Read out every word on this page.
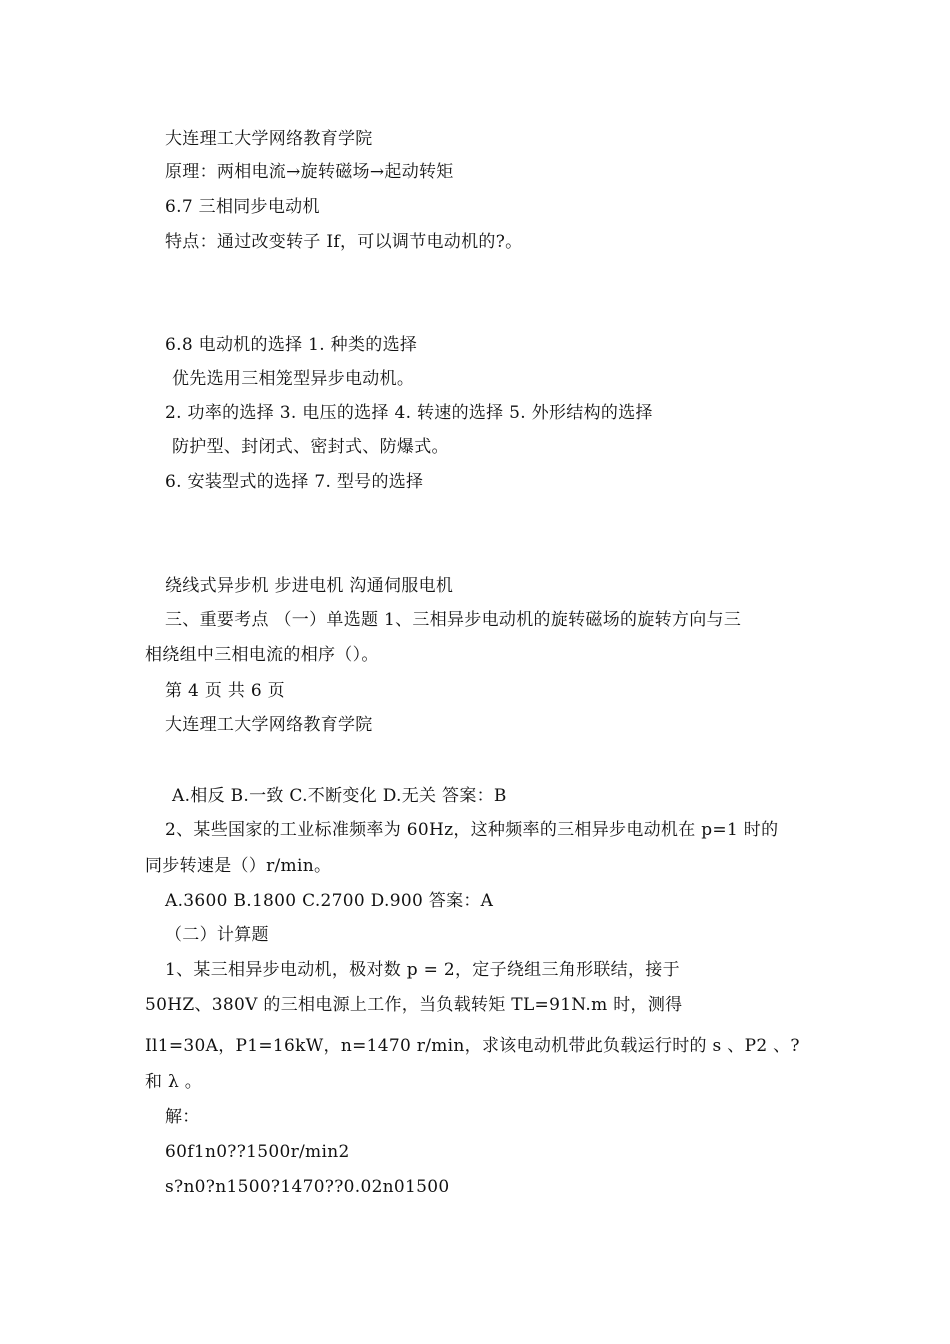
大连理工大学网络教育学院
原理：两相电流→旋转磁场→起动转矩
6.7 三相同步电动机
特点：通过改变转子 If，可以调节电动机的?。
6.8 电动机的选择 1. 种类的选择
优先选用三相笼型异步电动机。
2. 功率的选择 3. 电压的选择 4. 转速的选择 5. 外形结构的选择
防护型、封闭式、密封式、防爆式。
6. 安装型式的选择 7. 型号的选择
绕线式异步机 步进电机 沟通伺服电机
三、重要考点 （一）单选题 1、三相异步电动机的旋转磁场的旋转方向与三
相绕组中三相电流的相序（）。
第 4 页 共 6 页
大连理工大学网络教育学院
A.相反 B.一致 C.不断变化 D.无关 答案：B
2、某些国家的工业标准频率为 60Hz，这种频率的三相异步电动机在 p=1 时的
同步转速是（）r/min。
A.3600 B.1800 C.2700 D.900 答案：A
（二）计算题
1、某三相异步电动机，极对数 p = 2，定子绕组三角形联结，接于
50HZ、380V 的三相电源上工作，当负载转矩 TL=91N.m 时，测得
Il1=30A，P1=16kW，n=1470 r/min，求该电动机带此负载运行时的 s 、P2 、?
和 λ 。
解：
60f1n0??1500r/min2
s?n0?n1500?1470??0.02n01500
